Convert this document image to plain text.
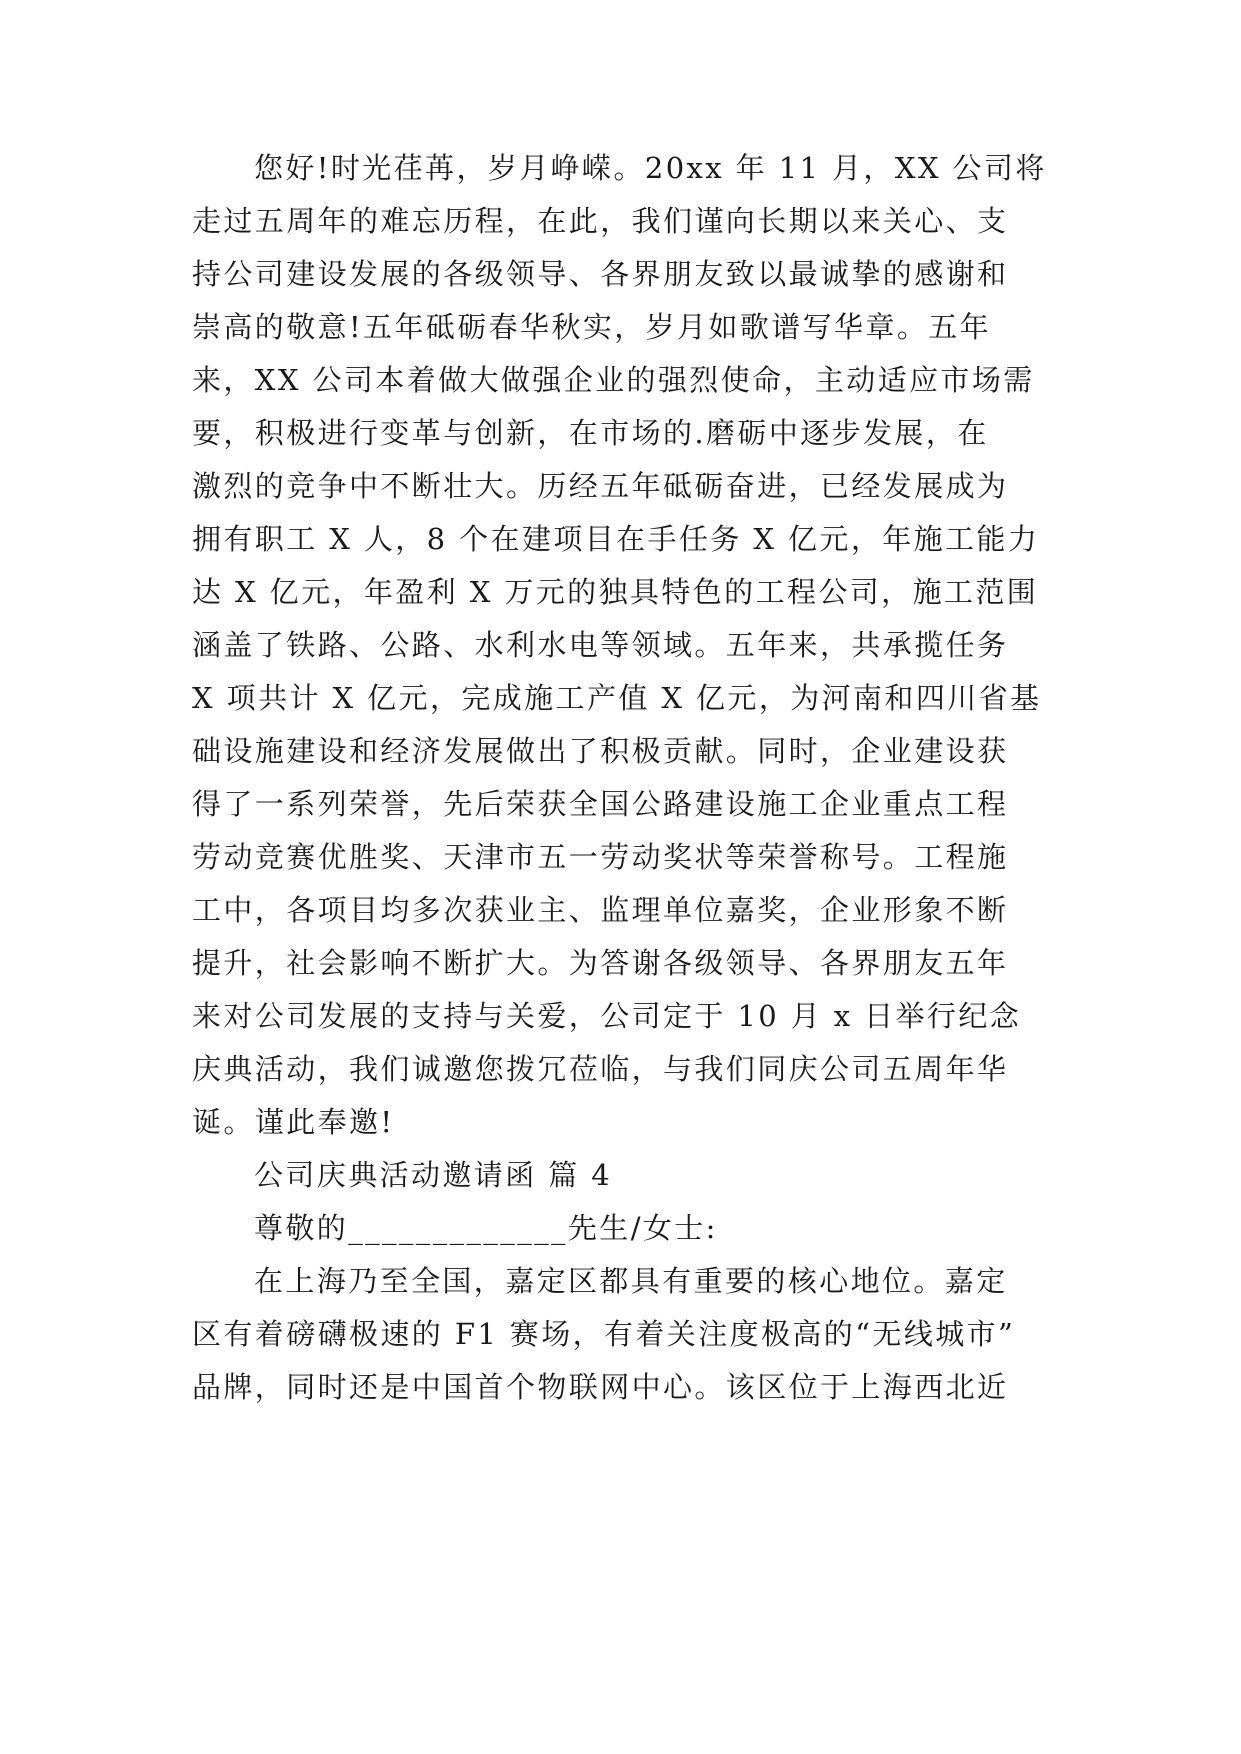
您好!时光荏苒，岁月峥嵘。20xx 年 11 月，XX 公司将
走过五周年的难忘历程，在此，我们谨向长期以来关心、支
持公司建设发展的各级领导、各界朋友致以最诚挚的感谢和
崇高的敬意!五年砥砺春华秋实，岁月如歌谱写华章。五年
来，XX 公司本着做大做强企业的强烈使命，主动适应市场需
要，积极进行变革与创新，在市场的.磨砺中逐步发展，在
激烈的竞争中不断壮大。历经五年砥砺奋进，已经发展成为
拥有职工 X 人，8 个在建项目在手任务 X 亿元，年施工能力
达 X 亿元，年盈利 X 万元的独具特色的工程公司，施工范围
涵盖了铁路、公路、水利水电等领域。五年来，共承揽任务
X 项共计 X 亿元，完成施工产值 X 亿元，为河南和四川省基
础设施建设和经济发展做出了积极贡献。同时，企业建设获
得了一系列荣誉，先后荣获全国公路建设施工企业重点工程
劳动竞赛优胜奖、天津市五一劳动奖状等荣誉称号。工程施
工中，各项目均多次获业主、监理单位嘉奖，企业形象不断
提升，社会影响不断扩大。为答谢各级领导、各界朋友五年
来对公司发展的支持与关爱，公司定于 10 月 x 日举行纪念
庆典活动，我们诚邀您拨冗莅临，与我们同庆公司五周年华
诞。谨此奉邀!
公司庆典活动邀请函 篇 4
尊敬的_____________先生/女士:
在上海乃至全国，嘉定区都具有重要的核心地位。嘉定
区有着磅礴极速的 F1 赛场，有着关注度极高的“无线城市”
品牌，同时还是中国首个物联网中心。该区位于上海西北近
